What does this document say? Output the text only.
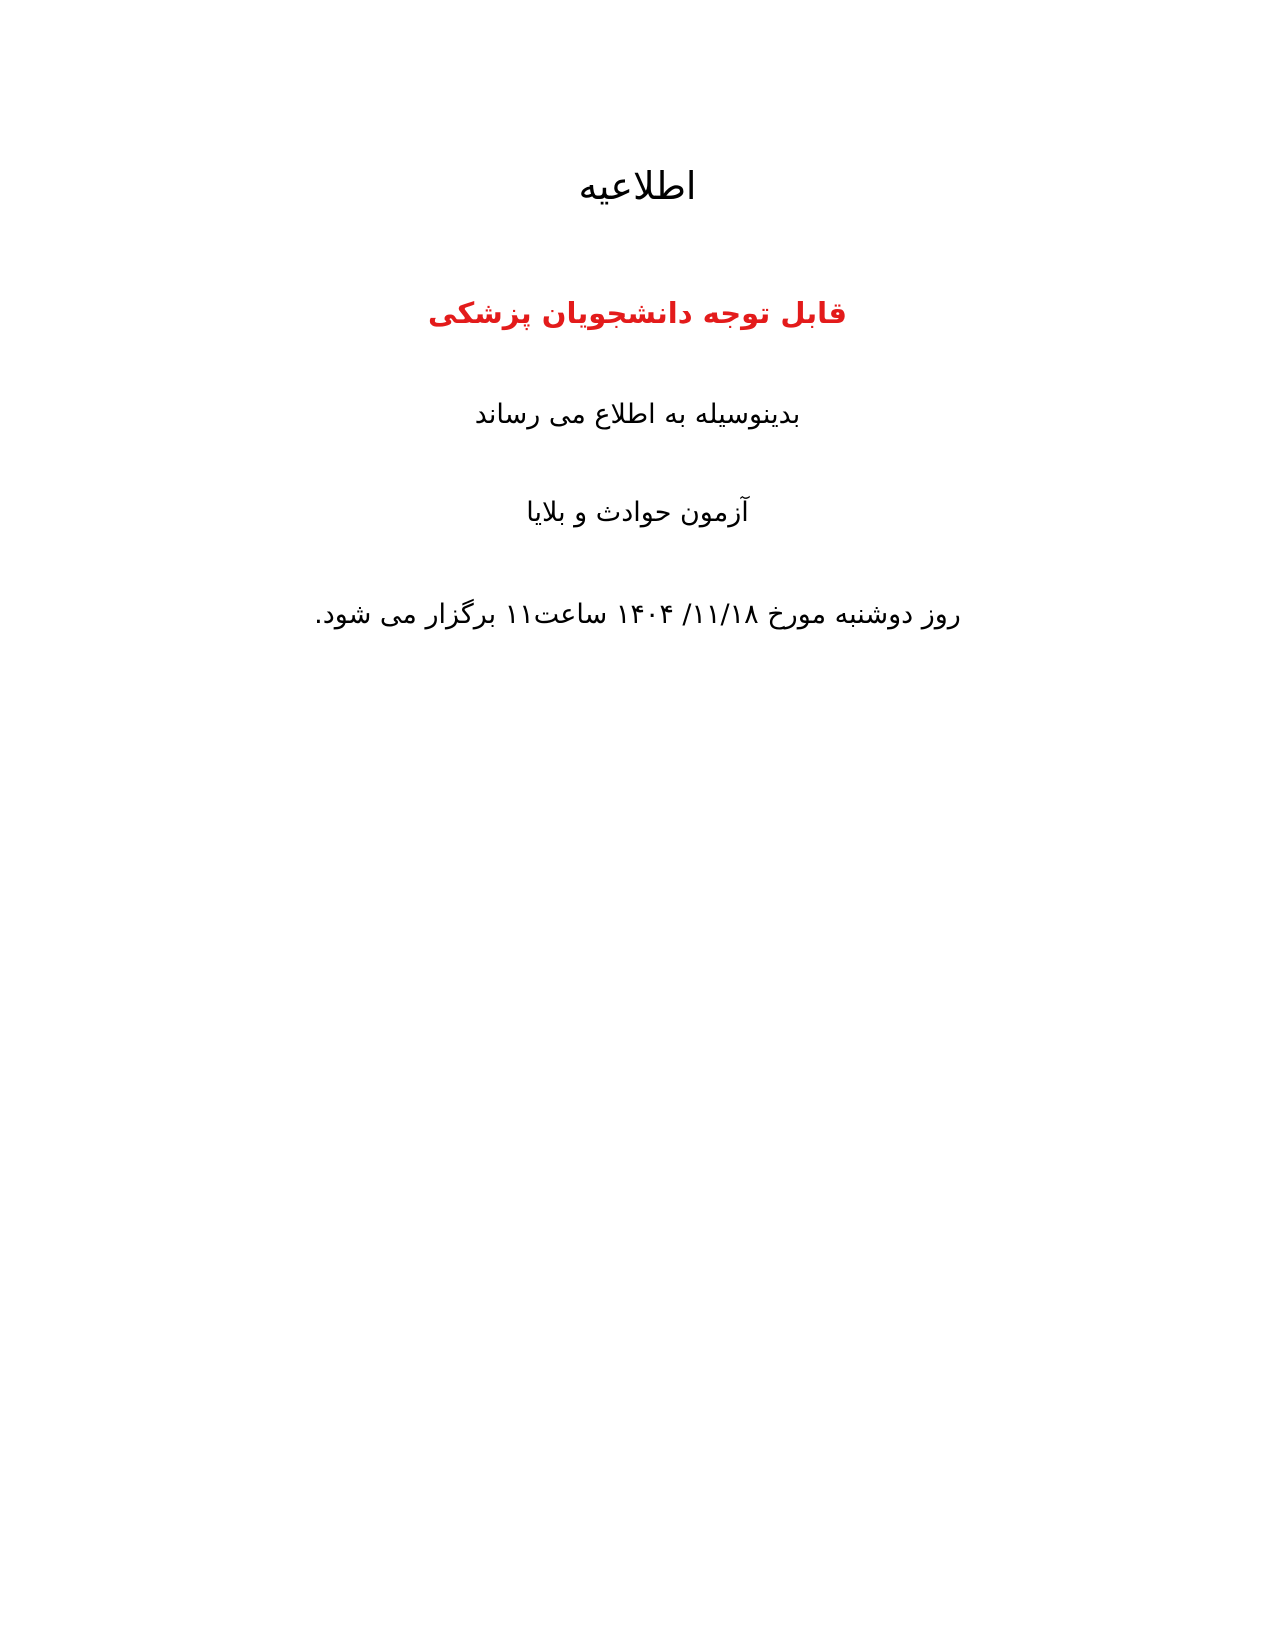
اطلاعیه
قابل توجه دانشجویان پزشکی

بدینوسیله به اطلاع می رساند

آزمون حوادث و بلایا

روز دوشنبه مورخ ۱۱/۱۸/ ۱۴۰۴ ساعت۱۱ برگزار می شود.
